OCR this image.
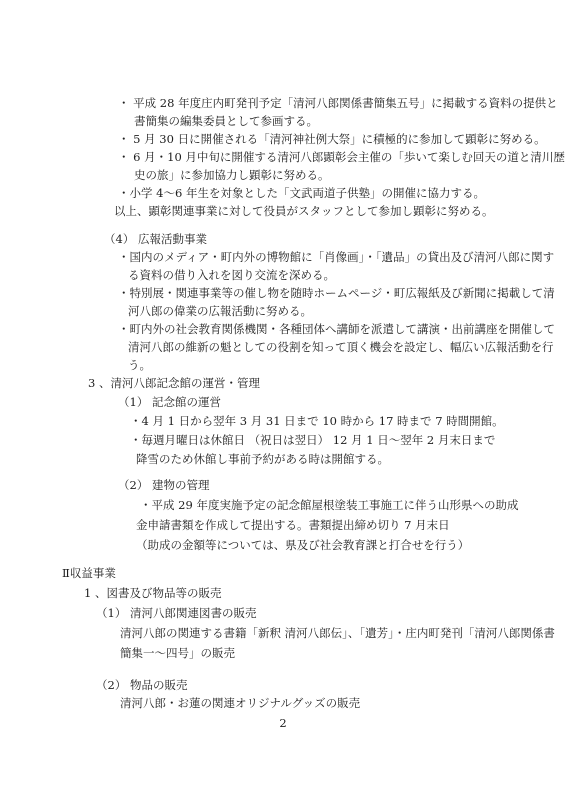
・ 平成 28 年度庄内町発刊予定「清河八郎関係書簡集五号」に掲載する資料の提供と
書簡集の編集委員として参画する。
・ 5 月 30 日に開催される「清河神社例大祭」に積極的に参加して顕彰に努める。
・ 6 月・10 月中旬に開催する清河八郎顕彰会主催の「歩いて楽しむ回天の道と清川歴
史の旅」に参加協力し顕彰に努める。
・小学 4～6 年生を対象とした「文武両道子供塾」の開催に協力する。
以上、顕彰関連事業に対して役員がスタッフとして参加し顕彰に努める。
（4） 広報活動事業
・国内のメディア・町内外の博物館に「肖像画」・「遺品」の貸出及び清河八郎に関す
る資料の借り入れを図り交流を深める。
・特別展・関連事業等の催し物を随時ホームページ・町広報紙及び新聞に掲載して清
河八郎の偉業の広報活動に努める。
・町内外の社会教育関係機関・各種団体へ講師を派遣して講演・出前講座を開催して
清河八郎の維新の魁としての役割を知って頂く機会を設定し、幅広い広報活動を行
う。
3 、清河八郎記念館の運営・管理
（1） 記念館の運営
・4 月 1 日から翌年 3 月 31 日まで 10 時から 17 時まで 7 時間開館。
・毎週月曜日は休館日 （祝日は翌日） 12 月 1 日～翌年 2 月末日まで
降雪のため休館し事前予約がある時は開館する。
（2） 建物の管理
・平成 29 年度実施予定の記念館屋根塗装工事施工に伴う山形県への助成
金申請書類を作成して提出する。書類提出締め切り 7 月末日
（助成の金額等については、県及び社会教育課と打合せを行う）
Ⅱ収益事業
1 、図書及び物品等の販売
（1） 清河八郎関連図書の販売
清河八郎の関連する書籍「新釈 清河八郎伝」、「遺芳」・庄内町発刊「清河八郎関係書
簡集一～四号」の販売
（2） 物品の販売
清河八郎・お蓮の関連オリジナルグッズの販売
2
